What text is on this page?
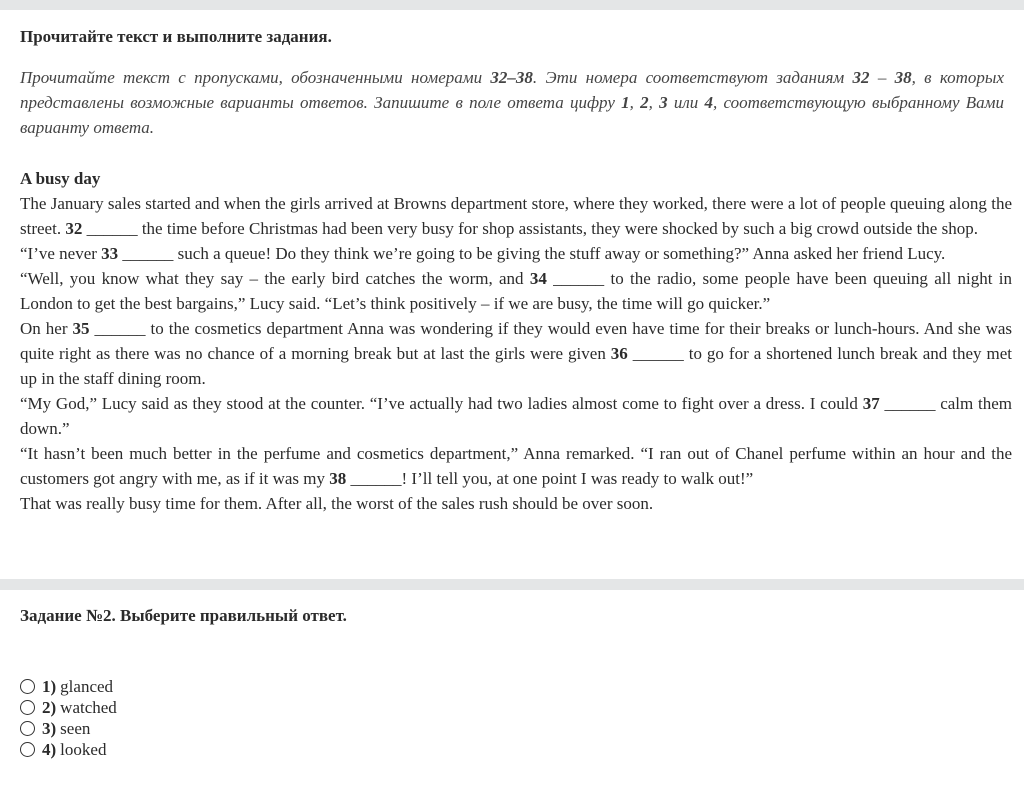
Прочитайте текст и выполните задания.
Прочитайте текст с пропусками, обозначенными номерами 32–38. Эти номера соответствуют заданиям 32 – 38, в которых представлены возможные варианты ответов. Запишите в поле ответа цифру 1, 2, 3 или 4, соответствующую выбранному Вами варианту ответа.
A busy day

The January sales started and when the girls arrived at Browns department store, where they worked, there were a lot of people queuing along the street. 32 ______ the time before Christmas had been very busy for shop assistants, they were shocked by such a big crowd outside the shop.

“I’ve never 33 ______ such a queue! Do they think we’re going to be giving the stuff away or something?” Anna asked her friend Lucy.

“Well, you know what they say – the early bird catches the worm, and 34 ______ to the radio, some people have been queuing all night in London to get the best bargains,” Lucy said. “Let’s think positively – if we are busy, the time will go quicker.”

On her 35 ______ to the cosmetics department Anna was wondering if they would even have time for their breaks or lunch-hours. And she was quite right as there was no chance of a morning break but at last the girls were given 36 ______ to go for a shortened lunch break and they met up in the staff dining room.

“My God,” Lucy said as they stood at the counter. “I’ve actually had two ladies almost come to fight over a dress. I could 37 ______ calm them down.”

“It hasn’t been much better in the perfume and cosmetics department,” Anna remarked. “I ran out of Chanel perfume within an hour and the customers got angry with me, as if it was my 38 ______! I’ll tell you, at one point I was ready to walk out!”

That was really busy time for them. After all, the worst of the sales rush should be over soon.

Задание №2. Выберите правильный ответ.
1) glanced
2) watched
3) seen
4) looked
